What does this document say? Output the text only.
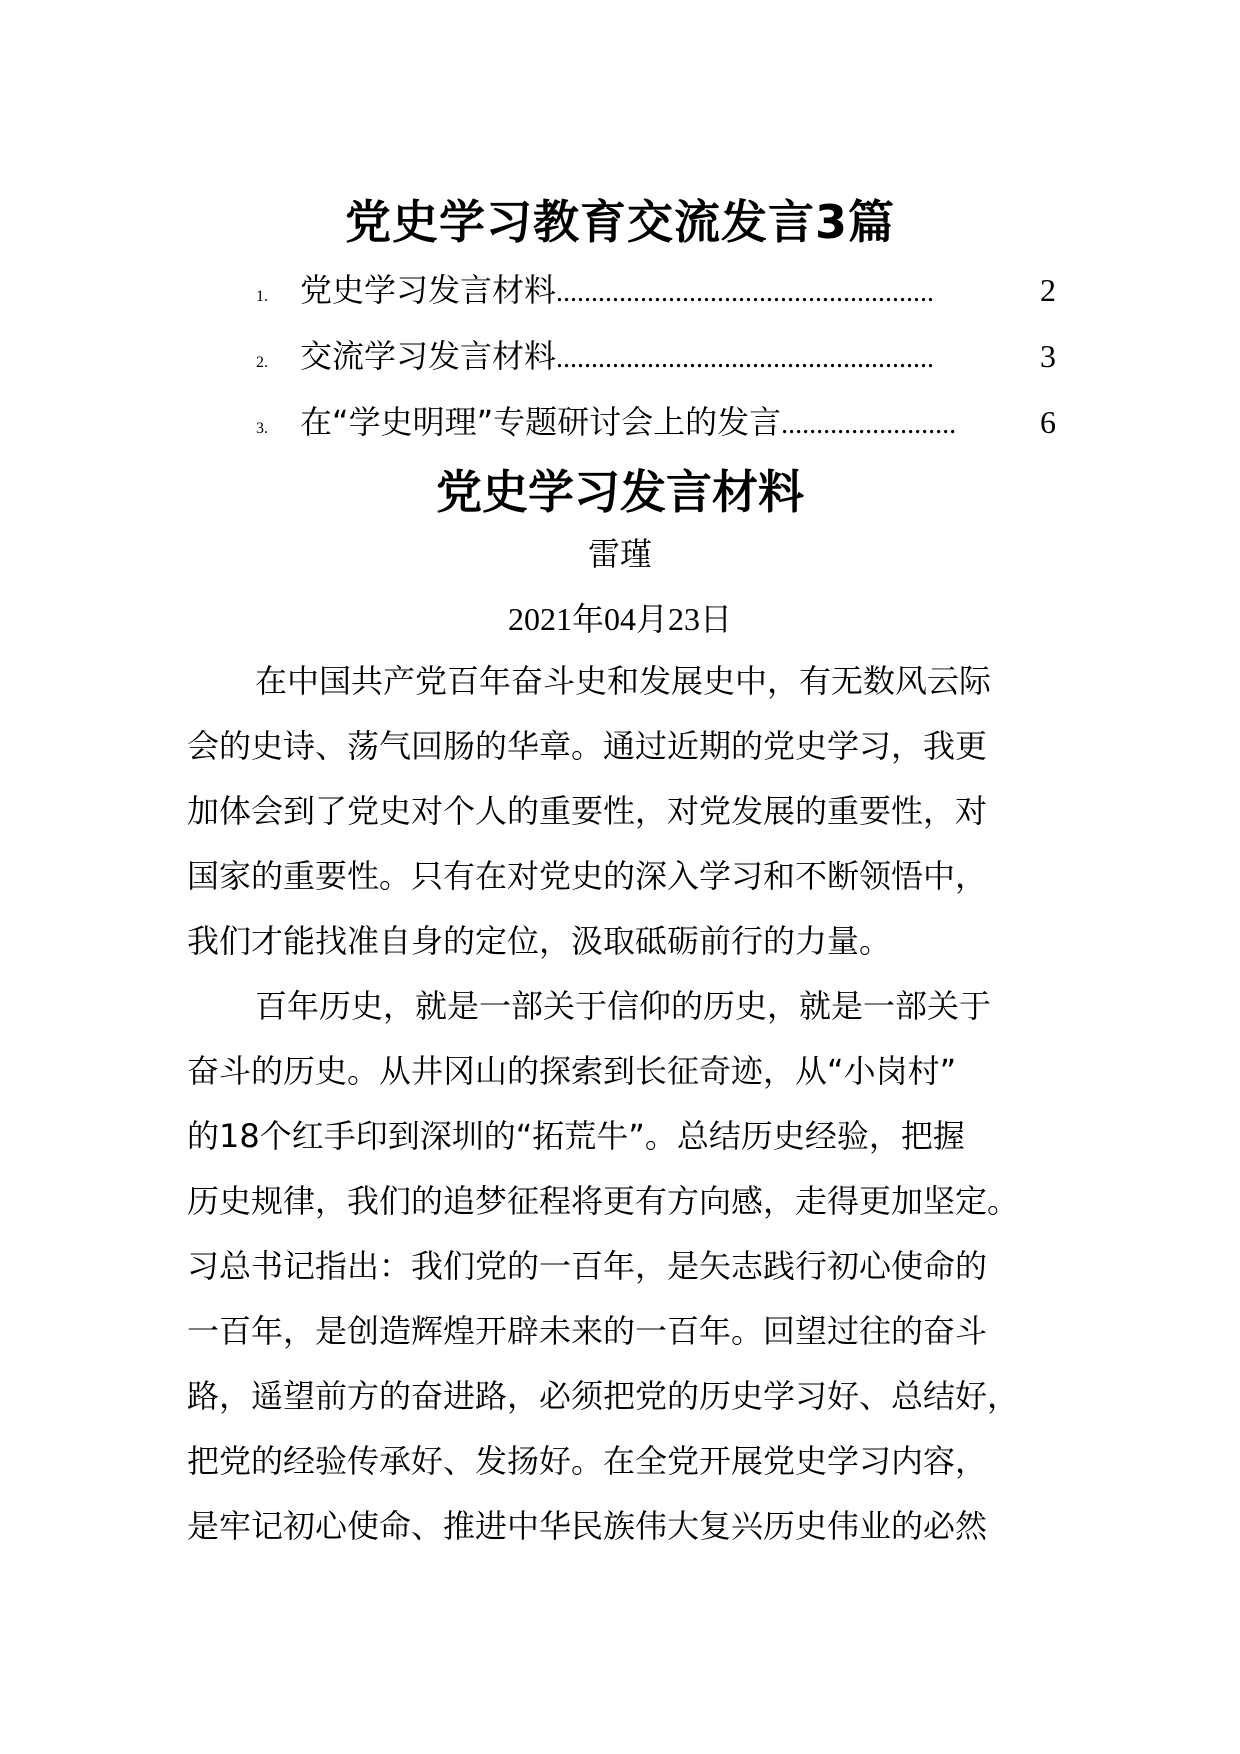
党史学习教育交流发言3篇
1.	党史学习发言材料 ......................................................	2
2.	交流学习发言材料 ......................................................	3
3.	在“学史明理”专题研讨会上的发言 .........................	6
党史学习发言材料
雷瑾
2021年04月23日
在中国共产党百年奋斗史和发展史中，有无数风云际
会的史诗、荡气回肠的华章。通过近期的党史学习，我更
加体会到了党史对个人的重要性，对党发展的重要性，对
国家的重要性。只有在对党史的深入学习和不断领悟中，
我们才能找准自身的定位，汲取砥砺前行的力量。
百年历史，就是一部关于信仰的历史，就是一部关于
奋斗的历史。从井冈山的探索到长征奇迹，从“小岗村”
的18个红手印到深圳的“拓荒牛”。总结历史经验，把握
历史规律，我们的追梦征程将更有方向感，走得更加坚定。
习总书记指出：我们党的一百年，是矢志践行初心使命的
一百年，是创造辉煌开辟未来的一百年。回望过往的奋斗
路，遥望前方的奋进路，必须把党的历史学习好、总结好，
把党的经验传承好、发扬好。在全党开展党史学习内容，
是牢记初心使命、推进中华民族伟大复兴历史伟业的必然
